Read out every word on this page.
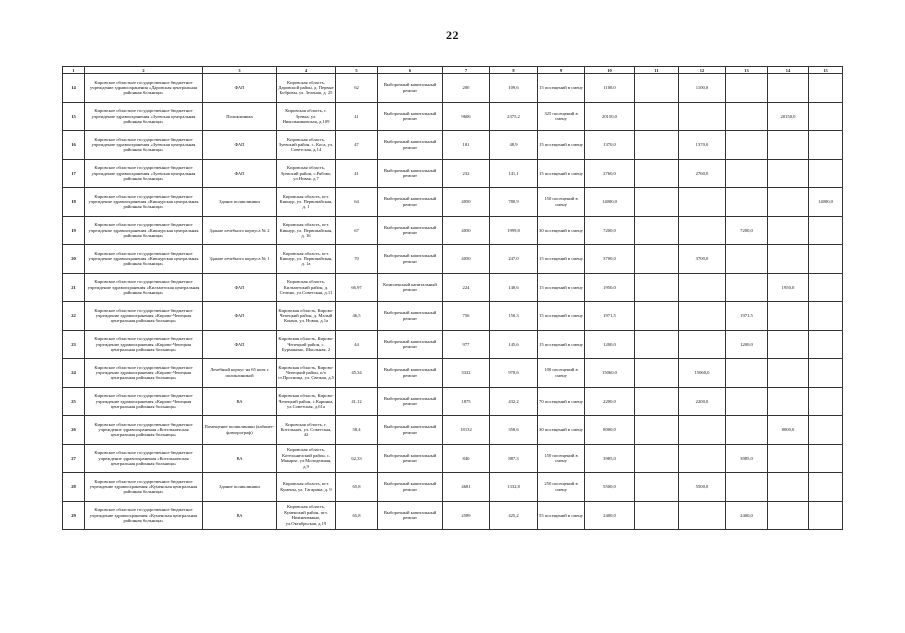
22
1	2	3	4	5	6	7	8	9	10	11	12	13	14	15
14	Кировское областное государственное бюджетное учреждение здравоохранения «Даровская центральная районная больница»	ФАП	Кировская область, Даровской район, д. Первые Бобровы, ул. Зеленая, д. 25	62	Выборочный капитальный ремонт	200	109,6	15 посещений в смену	1100,0		1100,0			
15	Кировское областное государственное бюджетное учреждение здравоохранения «Зуевская центральная районная больница»	Поликлиника	Кировская область, г. Зуевка, ул. Никольниковская, д.109	41	Выборочный капитальный ремонт	9606	2375,2	325 посещений в смену	20150,0				20150,0	
16	Кировское областное государственное бюджетное учреждение здравоохранения «Зуевская центральная районная больница»	ФАП	Кировская область, Зуевский район, с. Коса, ул. Советская, д.14	47	Выборочный капитальный ремонт	181	48,9	15 посещений в смену	1370,0		1370,0			
17	Кировское областное государственное бюджетное учреждение здравоохранения «Зуевская центральная районная больница»	ФАП	Кировская область, Зуевский район, с.Рябово, ул.Новая, д.7	41	Выборочный капитальный ремонт	232	141,1	15 посещений в смену	2760,0		2760,0			
18	Кировское областное государственное бюджетное учреждение здравоохранения «Кикнурская центральная районная больница»	Здание поликлиники	Кировская область, пгт. Кикнур, ул. Первомайская, д. 1	64	Выборочный капитальный ремонт	4050	780,9	150 посещений в смену	14000,0					14000,0
19	Кировское областное государственное бюджетное учреждение здравоохранения «Кикнурская центральная районная больница»	Здание лечебного корпуса № 2	Кировская область, пгт. Кикнур, ул. Первомайская, д. 16	67	Выборочный капитальный ремонт	4050	1999,8	30 посещений в смену	7200,0			7200,0		
20	Кировское областное государственное бюджетное учреждение здравоохранения «Кикнурская центральная районная больница»	Здание лечебного корпуса № 1	Кировская область, пгт. Кикнур, ул. Первомайская, д. 1а	70	Выборочный капитальный ремонт	4050	247,0	15 посещений в смену	3700,0		3700,0			
21	Кировское областное государственное бюджетное учреждение здравоохранения «Кильмезская центральная районная больница»	ФАП	Кировская область, Кильмезский район, д. Селино, ул.Советская, д.11	66,97	Комплексный капитальный ремонт	224	140,6	15 посещений в смену	1950,0				1950,0	
22	Кировское областное государственное бюджетное учреждение здравоохранения «Кирово-Чепецкая центральная районная больница»	ФАП	Кировская область, Кирово-Чепецкий район, д. Малый Конып, ул. Новая, д.1а	46,5	Выборочный капитальный ремонт	756	150,3	15 посещений в смену	1971,5			1971,5		
23	Кировское областное государственное бюджетное учреждение здравоохранения «Кирово-Чепецкая центральная районная больница»	ФАП	Кировская область, Кирово-Чепецкий район, с. Бурмакино, Школьная, 2	44	Выборочный капитальный ремонт	977	145,6	15 посещений в смену	1200,0			1200,0		
24	Кировское областное государственное бюджетное учреждение здравоохранения «Кирово-Чепецкая центральная районная больница»	Лечебный корпус на 65 коек с поликлиникой	Кировская область, Кирово-Чепецкий район, п/о ст.Просница, ул. Свежая, д.5	45,34	Выборочный капитальный ремонт	3332	970,6	100 посещений в смену	15060,0		15060,0			
25	Кировское областное государственное бюджетное учреждение здравоохранения «Кирово-Чепецкая центральная районная больница»	ВА	Кировская область, Кирово-Чепецкий район, с.Каринка, ул.Советская, д.61а	41,12	Выборочный капитальный ремонт	1875	432,2	70 посещений в смену	2200,0		2200,0			
26	Кировское областное государственное бюджетное учреждение здравоохранения «Котельничская центральная районная больница»	Помещение поликлиники (кабинет-флюорограф)	Кировская область, г. Котельнич, ул. Советская, 42	58,4	Выборочный капитальный ремонт	18132	358,6	30 посещений в смену	8000,0				8000,0	
27	Кировское областное государственное бюджетное учреждение здравоохранения «Котельничская центральная районная больница»	ВА	Кировская область, Котельничский район, с. Макарье, ул.Молодежная, д.9	62,33	Выборочный капитальный ремонт	840	887,3	150 посещений в смену	3985,0			3985,0		
28	Кировское областное государственное бюджетное учреждение здравоохранения «Куменская центральная районная больница»	Здание поликлиники	Кировская область, пгт. Кумены, ул. Гагарина, д. 9	65,8	Выборочный капитальный ремонт	4681	1332,8	250 посещений в смену	5500,0		5500,0			
29	Кировское областное государственное бюджетное учреждение здравоохранения «Куменская центральная районная больница»	ВА	Кировская область, Куменский район, пгт. Нижнеивкино, ул.Октябрьская, д.19	65,8	Выборочный капитальный ремонт	2589	425,2	55 посещений в смену	2400,0			2400,0		
